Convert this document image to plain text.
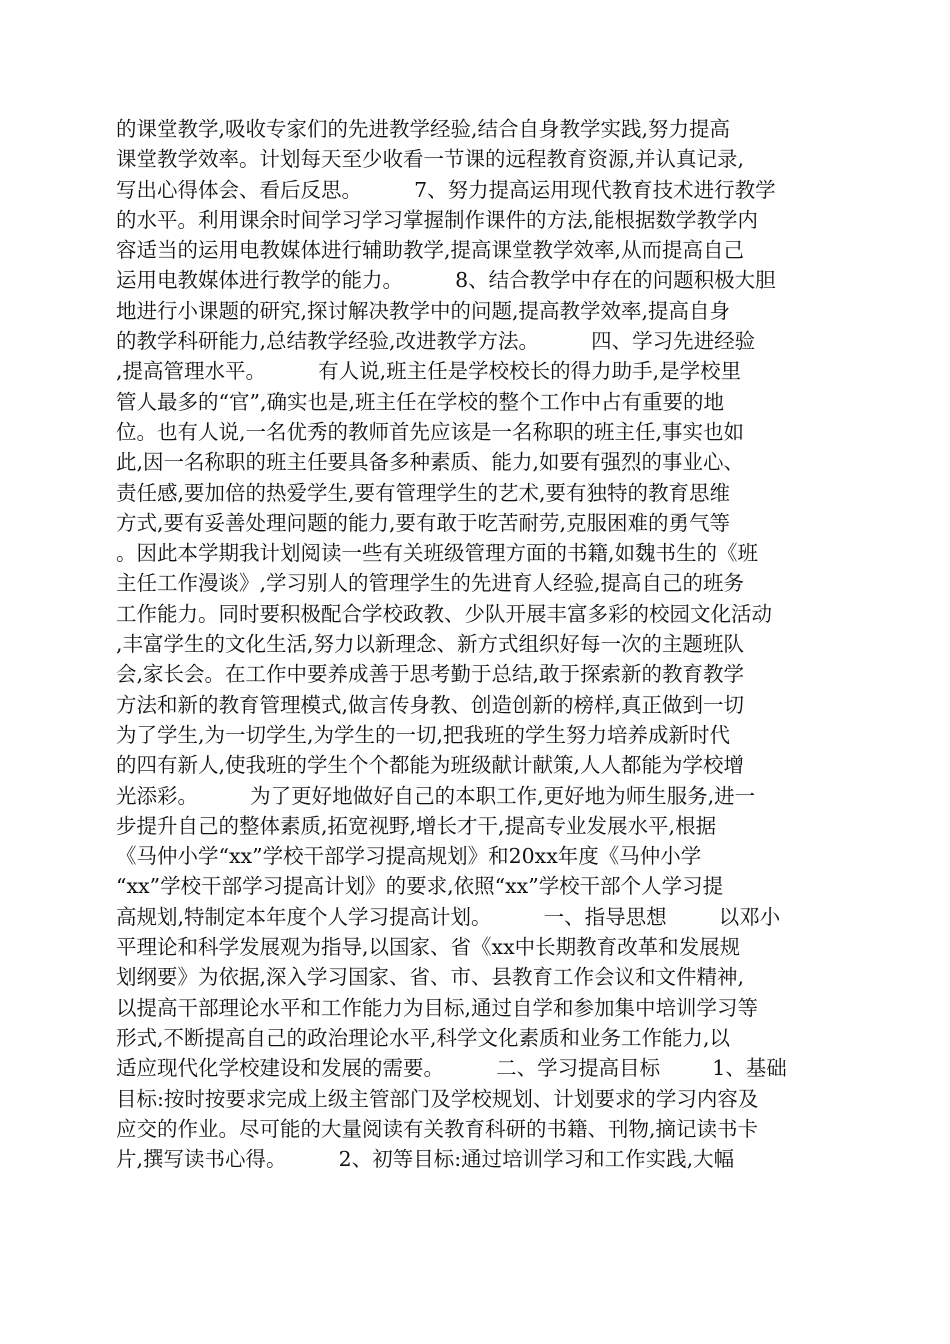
的课堂教学,吸收专家们的先进教学经验,结合自身教学实践,努力提高
课堂教学效率。计划每天至少收看一节课的远程教育资源,并认真记录,
写出心得体会、看后反思。        7、努力提高运用现代教育技术进行教学
的水平。利用课余时间学习学习掌握制作课件的方法,能根据数学教学内
容适当的运用电教媒体进行辅助教学,提高课堂教学效率,从而提高自己
运用电教媒体进行教学的能力。        8、结合教学中存在的问题积极大胆
地进行小课题的研究,探讨解决教学中的问题,提高教学效率,提高自身
的教学科研能力,总结教学经验,改进教学方法。        四、学习先进经验
,提高管理水平。        有人说,班主任是学校校长的得力助手,是学校里
管人最多的“官”,确实也是,班主任在学校的整个工作中占有重要的地
位。也有人说,一名优秀的教师首先应该是一名称职的班主任,事实也如
此,因一名称职的班主任要具备多种素质、能力,如要有强烈的事业心、
责任感,要加倍的热爱学生,要有管理学生的艺术,要有独特的教育思维
方式,要有妥善处理问题的能力,要有敢于吃苦耐劳,克服困难的勇气等
。因此本学期我计划阅读一些有关班级管理方面的书籍,如魏书生的《班
主任工作漫谈》,学习别人的管理学生的先进育人经验,提高自己的班务
工作能力。同时要积极配合学校政教、少队开展丰富多彩的校园文化活动
,丰富学生的文化生活,努力以新理念、新方式组织好每一次的主题班队
会,家长会。在工作中要养成善于思考勤于总结,敢于探索新的教育教学
方法和新的教育管理模式,做言传身教、创造创新的榜样,真正做到一切
为了学生,为一切学生,为学生的一切,把我班的学生努力培养成新时代
的四有新人,使我班的学生个个都能为班级献计献策,人人都能为学校增
光添彩。        为了更好地做好自己的本职工作,更好地为师生服务,进一
步提升自己的整体素质,拓宽视野,增长才干,提高专业发展水平,根据
《马仲小学“xx”学校干部学习提高规划》和20xx年度《马仲小学
“xx”学校干部学习提高计划》的要求,依照“xx”学校干部个人学习提
高规划,特制定本年度个人学习提高计划。        一、指导思想        以邓小
平理论和科学发展观为指导,以国家、省《xx中长期教育改革和发展规
划纲要》为依据,深入学习国家、省、市、县教育工作会议和文件精神,
以提高干部理论水平和工作能力为目标,通过自学和参加集中培训学习等
形式,不断提高自己的政治理论水平,科学文化素质和业务工作能力,以
适应现代化学校建设和发展的需要。        二、学习提高目标        1、基础
目标:按时按要求完成上级主管部门及学校规划、计划要求的学习内容及
应交的作业。尽可能的大量阅读有关教育科研的书籍、刊物,摘记读书卡
片,撰写读书心得。        2、初等目标:通过培训学习和工作实践,大幅
